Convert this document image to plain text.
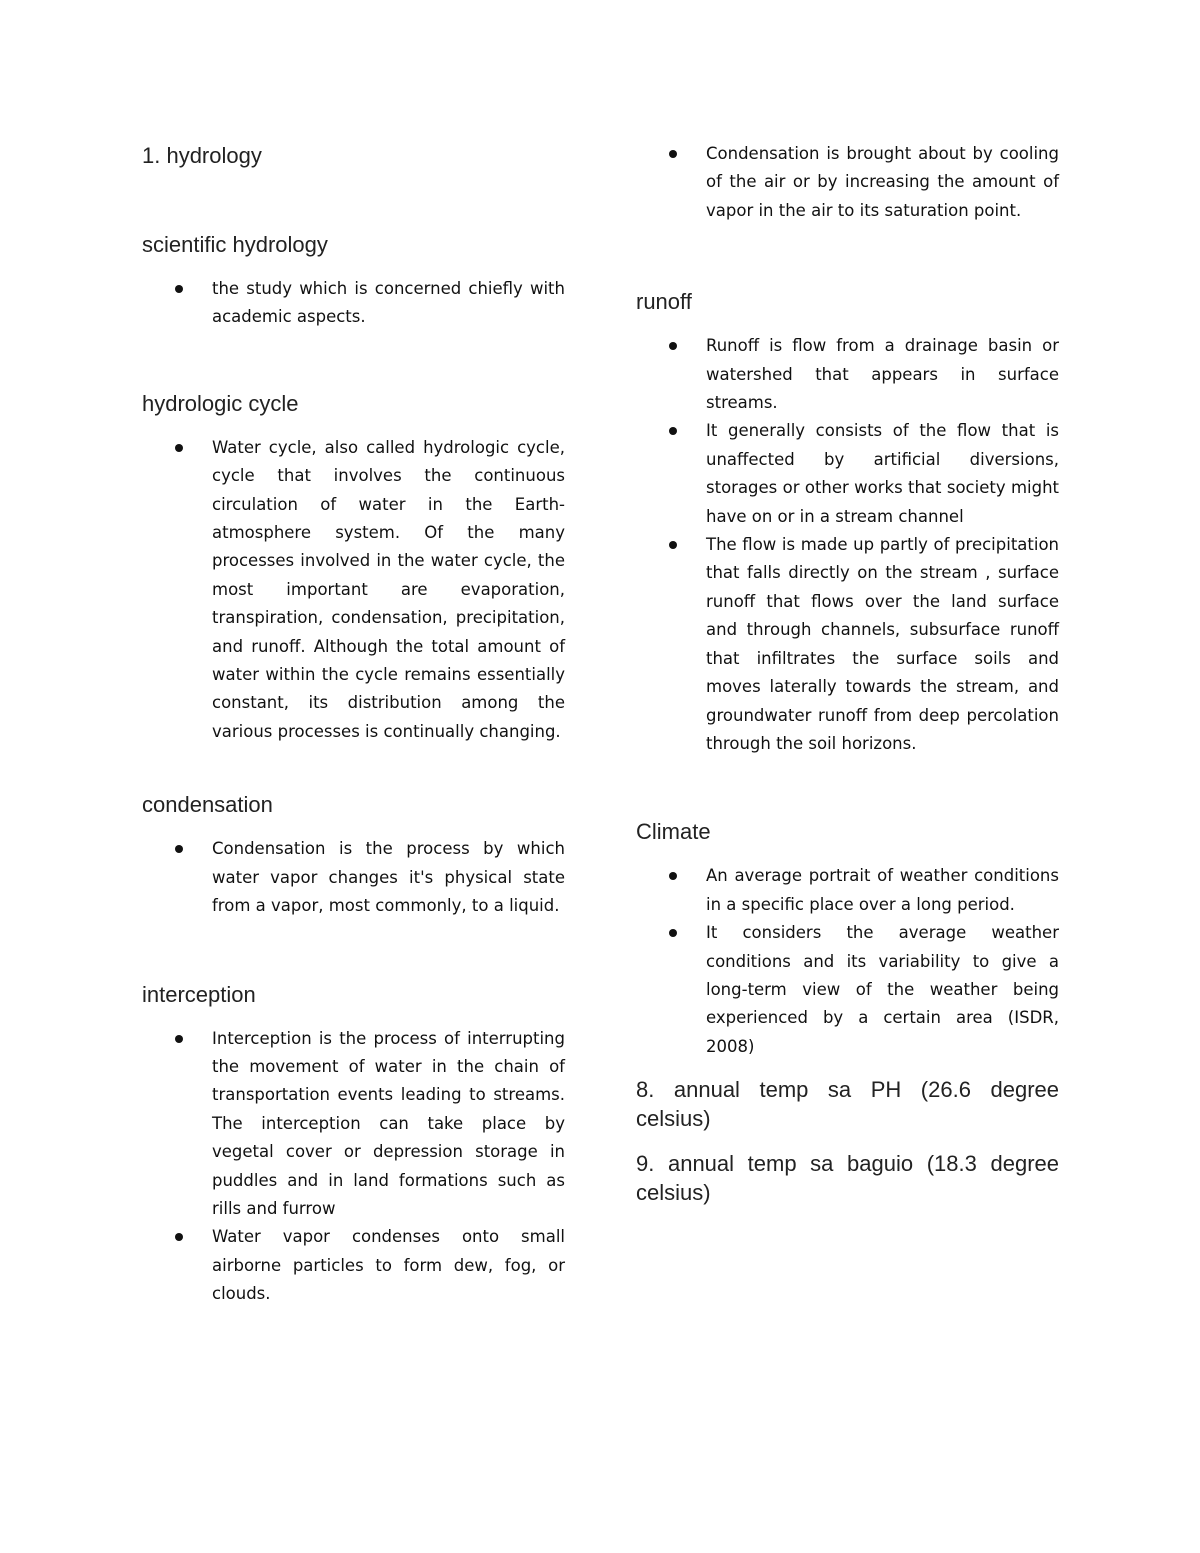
1. hydrology
scientific hydrology
the study which is concerned chiefly with academic aspects.
hydrologic cycle
Water cycle, also called hydrologic cycle, cycle that involves the continuous circulation of water in the Earth-atmosphere system. Of the many processes involved in the water cycle, the most important are evaporation, transpiration, condensation, precipitation, and runoff. Although the total amount of water within the cycle remains essentially constant, its distribution among the various processes is continually changing.
condensation
Condensation is the process by which water vapor changes it's physical state from a vapor, most commonly, to a liquid.
interception
Interception is the process of interrupting the movement of water in the chain of transportation events leading to streams. The interception can take place by vegetal cover or depression storage in puddles and in land formations such as rills and furrow
Water vapor condenses onto small airborne particles to form dew, fog, or clouds.
Condensation is brought about by cooling of the air or by increasing the amount of vapor in the air to its saturation point.
runoff
Runoff is flow from a drainage basin or watershed that appears in surface streams.
It generally consists of the flow that is unaffected by artificial diversions, storages or other works that society might have on or in a stream channel
The flow is made up partly of precipitation that falls directly on the stream , surface runoff that flows over the land surface and through channels, subsurface runoff that infiltrates the surface soils and moves laterally towards the stream, and groundwater runoff from deep percolation through the soil horizons.
Climate
An average portrait of weather conditions in a specific place over a long period.
It considers the average weather conditions and its variability to give a long-term view of the weather being experienced by a certain area (ISDR, 2008)

8. annual temp sa PH (26.6 degree celsius)

9. annual temp sa baguio (18.3 degree celsius)
